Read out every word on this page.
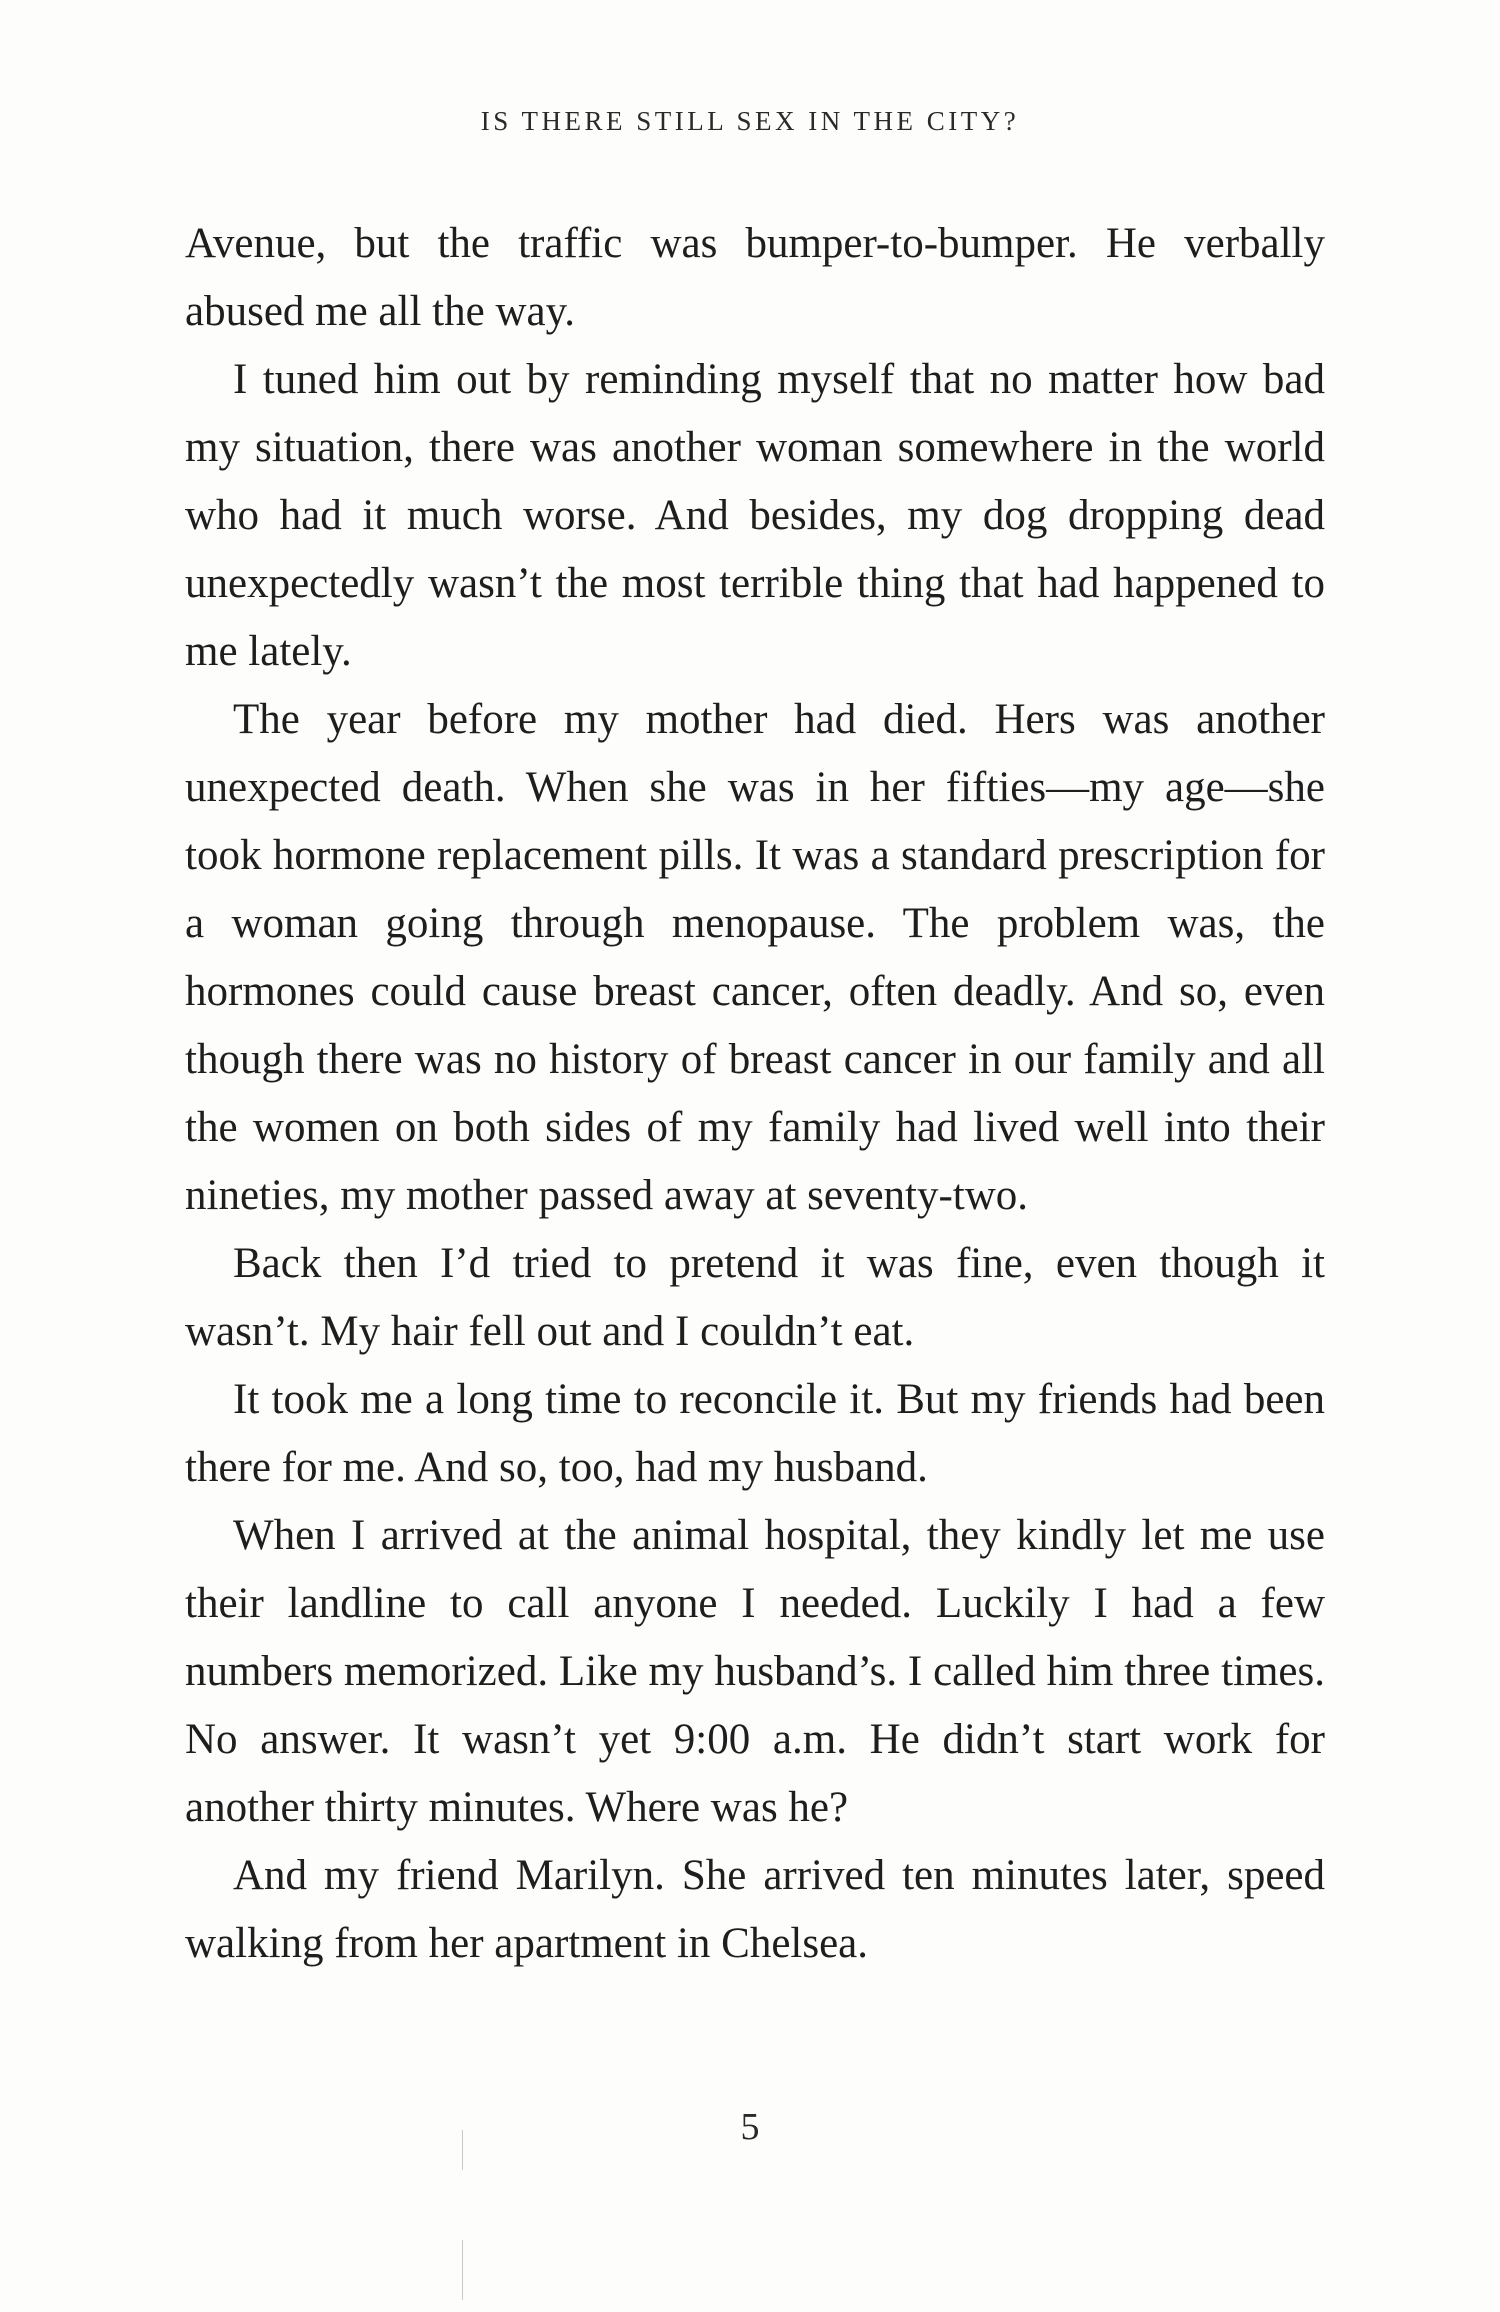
IS THERE STILL SEX IN THE CITY?

Avenue, but the traffic was bumper-to-bumper. He verbally abused me all the way.

I tuned him out by reminding myself that no matter how bad my situation, there was another woman somewhere in the world who had it much worse. And besides, my dog dropping dead unexpectedly wasn’t the most terrible thing that had happened to me lately.

The year before my mother had died. Hers was another unexpected death. When she was in her fifties—my age—she took hormone replacement pills. It was a standard prescription for a woman going through menopause. The problem was, the hormones could cause breast cancer, often deadly. And so, even though there was no history of breast cancer in our family and all the women on both sides of my family had lived well into their nineties, my mother passed away at seventy-two.

Back then I’d tried to pretend it was fine, even though it wasn’t. My hair fell out and I couldn’t eat.

It took me a long time to reconcile it. But my friends had been there for me. And so, too, had my husband.

When I arrived at the animal hospital, they kindly let me use their landline to call anyone I needed. Luckily I had a few numbers memorized. Like my husband’s. I called him three times. No answer. It wasn’t yet 9:00 a.m. He didn’t start work for another thirty minutes. Where was he?

And my friend Marilyn. She arrived ten minutes later, speed walking from her apartment in Chelsea.

5
